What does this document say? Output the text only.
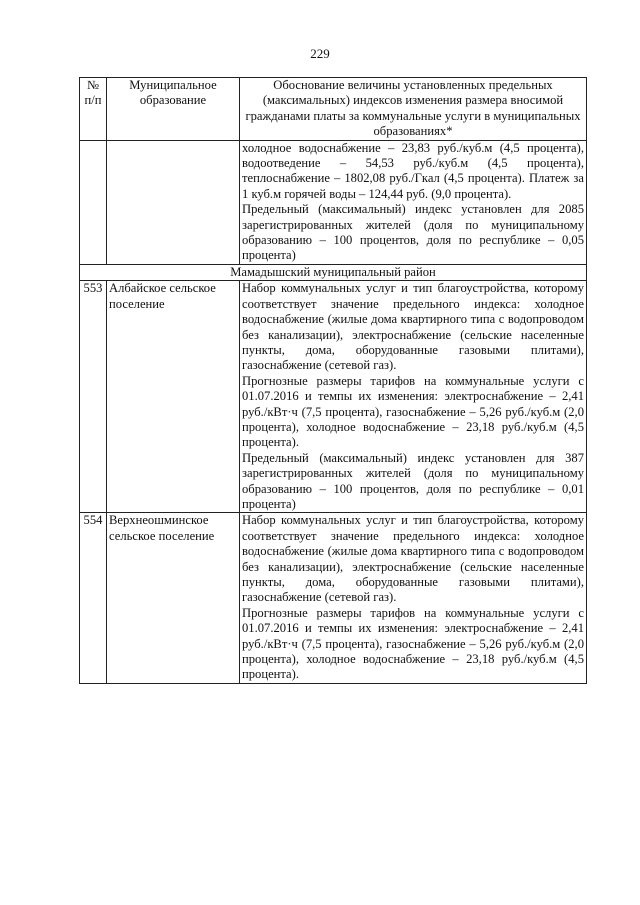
229
№ п/п	Муниципальное образование	Обоснование величины установленных предельных (максимальных) индексов изменения размера вносимой гражданами платы за коммунальные услуги в муниципальных образованиях*

		холодное водоснабжение – 23,83 руб./куб.м (4,5 процента), водоотведение – 54,53 руб./куб.м (4,5 процента), теплоснабжение – 1802,08 руб./Гкал (4,5 процента). Платеж за 1 куб.м горячей воды – 124,44 руб. (9,0 процента).

Предельный (максимальный) индекс установлен для 2085 зарегистрированных жителей (доля по муниципальному образованию – 100 процентов, доля по республике – 0,05 процента)

Мамадышский муниципальный район		
553	Албайское сельское поселение	Набор коммунальных услуг и тип благоустройства, которому соответствует значение предельного индекса: холодное водоснабжение (жилые дома квартирного типа с водопроводом без канализации), электроснабжение (сельские населенные пункты, дома, оборудованные газовыми плитами), газоснабжение (сетевой газ).

Прогнозные размеры тарифов на коммунальные услуги с 01.07.2016 и темпы их изменения: электроснабжение – 2,41 руб./кВт·ч (7,5 процента), газоснабжение – 5,26 руб./куб.м (2,0 процента), холодное водоснабжение – 23,18 руб./куб.м (4,5 процента).

Предельный (максимальный) индекс установлен для 387 зарегистрированных жителей (доля по муниципальному образованию – 100 процентов, доля по республике – 0,01 процента)

554	Верхнеошминское сельское поселение	Набор коммунальных услуг и тип благоустройства, которому соответствует значение предельного индекса: холодное водоснабжение (жилые дома квартирного типа с водопроводом без канализации), электроснабжение (сельские населенные пункты, дома, оборудованные газовыми плитами), газоснабжение (сетевой газ).

Прогнозные размеры тарифов на коммунальные услуги с 01.07.2016 и темпы их изменения: электроснабжение – 2,41 руб./кВт·ч (7,5 процента), газоснабжение – 5,26 руб./куб.м (2,0 процента), холодное водоснабжение – 23,18 руб./куб.м (4,5 процента).
